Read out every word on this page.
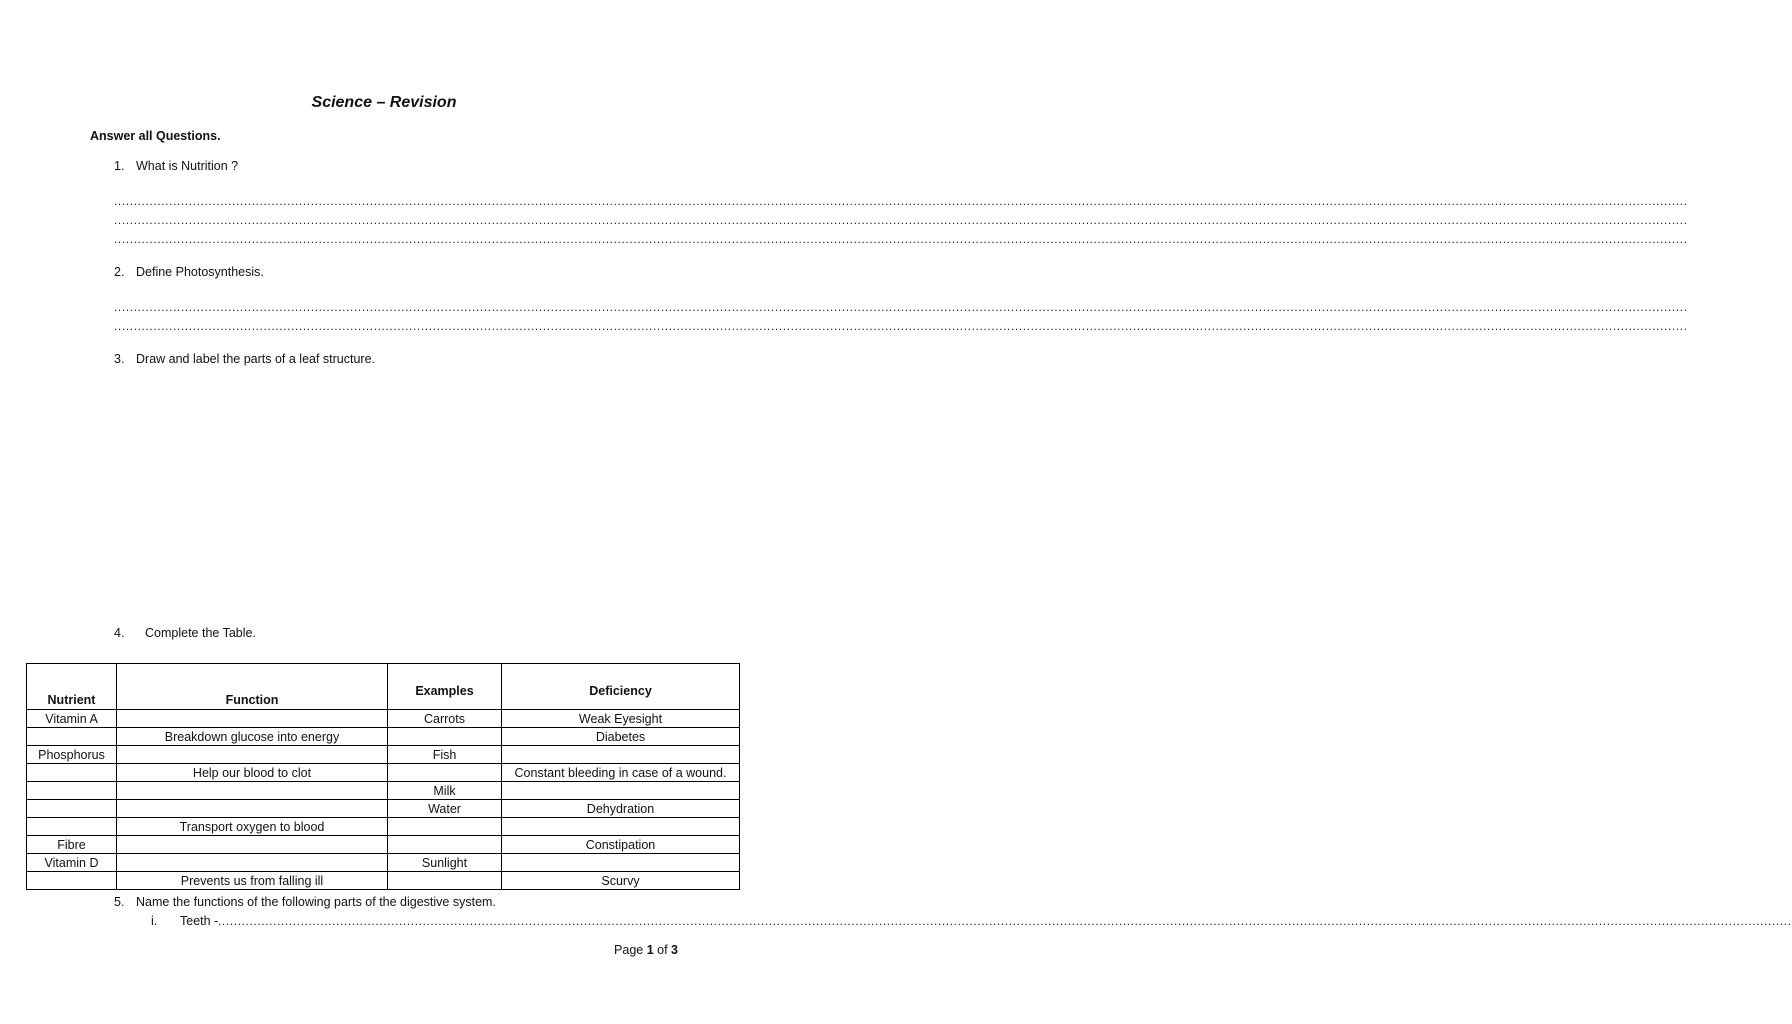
Science – Revision
Answer all Questions.
1. What is Nutrition ?
................................................................................................................................................................................................................................................................................................................................................................................................................
................................................................................................................................................................................................................................................................................................................................................................................................................
................................................................................................................................................................................................................................................................................................................................................................................................................
2. Define Photosynthesis.
................................................................................................................................................................................................................................................................................................................................................................................................................
................................................................................................................................................................................................................................................................................................................................................................................................................
3. Draw and label the parts of a leaf structure.
4. Complete the Table.
Nutrient	Function	Examples	Deficiency
Vitamin A		Carrots	Weak Eyesight
	Breakdown glucose into energy		Diabetes
Phosphorus		Fish	
	Help our blood to clot		Constant bleeding in case of a wound.
		Milk	
		Water	Dehydration
	Transport oxygen to blood		
Fibre			Constipation
Vitamin D		Sunlight	
	Prevents us from falling ill		Scurvy
5. Name the functions of the following parts of the digestive system.
i. Teeth - ................................................................................................................................................................................................................................................................................................................................................................................................................
Page 1 of 3
